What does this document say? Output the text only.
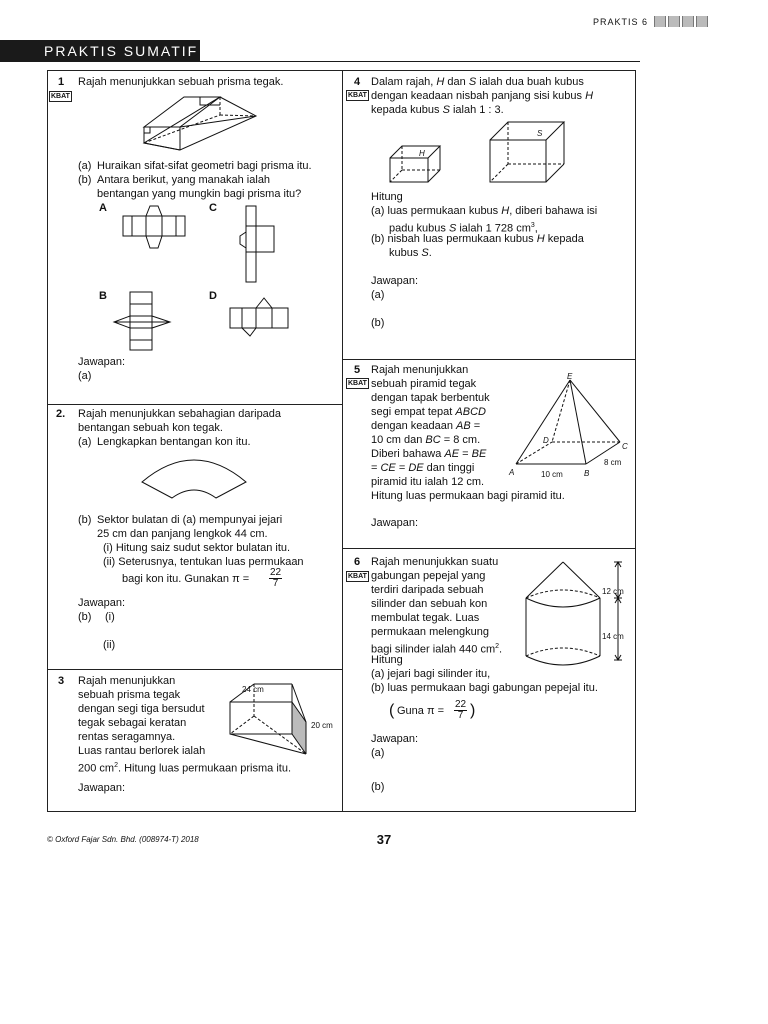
PRAKTIS 6
PRAKTIS SUMATIF
1 Rajah menunjukkan sebuah prisma tegak.
KBAT
(a) Huraikan sifat-sifat geometri bagi prisma itu.
(b) Antara berikut, yang manakah ialah
bentangan yang mungkin bagi prisma itu?
A	C
B	D
Jawapan:
(a)
2. Rajah menunjukkan sebahagian daripada
bentangan sebuah kon tegak.
(a) Lengkapkan bentangan kon itu.
(b) Sektor bulatan di (a) mempunyai jejari
25 cm dan panjang lengkok 44 cm.
(i) Hitung saiz sudut sektor bulatan itu.
(ii) Seterusnya, tentukan luas permukaan
bagi kon itu. Gunakan $\pi = \frac{22}{7}$
Jawapan:
(b) (i)
(ii)
3 Rajah menunjukkan
sebuah prisma tegak
dengan segi tiga bersudut
tegak sebagai keratan
rentas seragamnya.
Luas rantau berlorek ialah
200 $cm^2$. Hitung luas permukaan prisma itu.
24 cm
20 cm
Jawapan:
4 Dalam rajah, H dan S ialah dua buah kubus
KBAT dengan keadaan nisbah panjang sisi kubus H
kepada kubus S ialah 1 : 3.
H
S
Hitung
(a) luas permukaan kubus H, diberi bahawa isi
padu kubus S ialah 1 728 $cm^3$,
(b) nisbah luas permukaan kubus H kepada
kubus S.
Jawapan:
(a)
(b)
5 Rajah menunjukkan
KBAT sebuah piramid tegak
dengan tapak berbentuk
segi empat tepat ABCD
dengan keadaan AB =
10 cm dan BC = 8 cm.
Diberi bahawa AE = BE
= CE = DE dan tinggi
piramid itu ialah 12 cm.
Hitung luas permukaan bagi piramid itu.
E
D
C
A	B
10 cm
8 cm
Jawapan:
6 Rajah menunjukkan suatu
KBAT gabungan pepejal yang
terdiri daripada sebuah
silinder dan sebuah kon
membulat tegak. Luas
permukaan melengkung
bagi silinder ialah 440 $cm^2$.
Hitung
(a) jejari bagi silinder itu,
(b) luas permukaan bagi gabungan pepejal itu.
( Guna $\pi = \frac{22}{7}$ )
Jawapan:
(a)
(b)
12 cm
14 cm
© Oxford Fajar Sdn. Bhd. (008974-T) 2018	37
